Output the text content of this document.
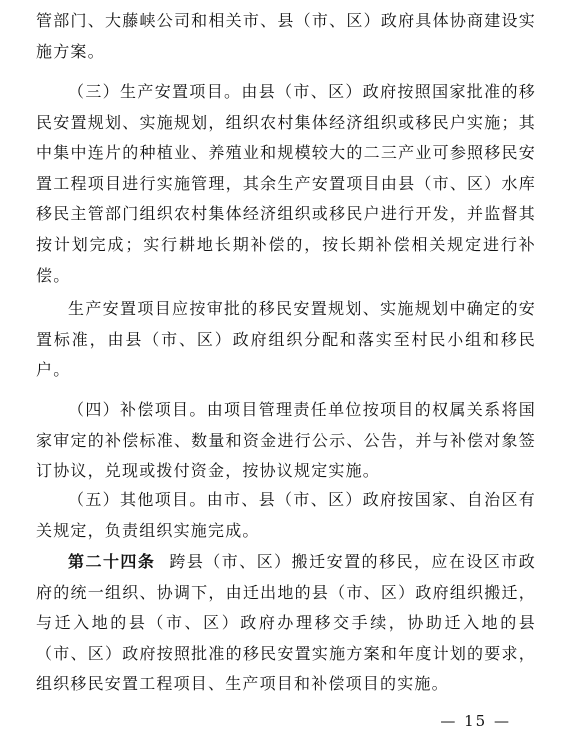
管部门、大藤峡公司和相关市、县（市、区）政府具体协商建设实施方案。

（三）生产安置项目。由县（市、区）政府按照国家批准的移民安置规划、实施规划，组织农村集体经济组织或移民户实施；其中集中连片的种植业、养殖业和规模较大的二三产业可参照移民安置工程项目进行实施管理，其余生产安置项目由县（市、区）水库移民主管部门组织农村集体经济组织或移民户进行开发，并监督其按计划完成；实行耕地长期补偿的，按长期补偿相关规定进行补偿。

生产安置项目应按审批的移民安置规划、实施规划中确定的安置标准，由县（市、区）政府组织分配和落实至村民小组和移民户。

（四）补偿项目。由项目管理责任单位按项目的权属关系将国家审定的补偿标准、数量和资金进行公示、公告，并与补偿对象签订协议，兑现或拨付资金，按协议规定实施。

（五）其他项目。由市、县（市、区）政府按国家、自治区有关规定，负责组织实施完成。

第二十四条 跨县（市、区）搬迁安置的移民，应在设区市政府的统一组织、协调下，由迁出地的县（市、区）政府组织搬迁，与迁入地的县（市、区）政府办理移交手续，协助迁入地的县（市、区）政府按照批准的移民安置实施方案和年度计划的要求，组织移民安置工程项目、生产项目和补偿项目的实施。

— 15 —
